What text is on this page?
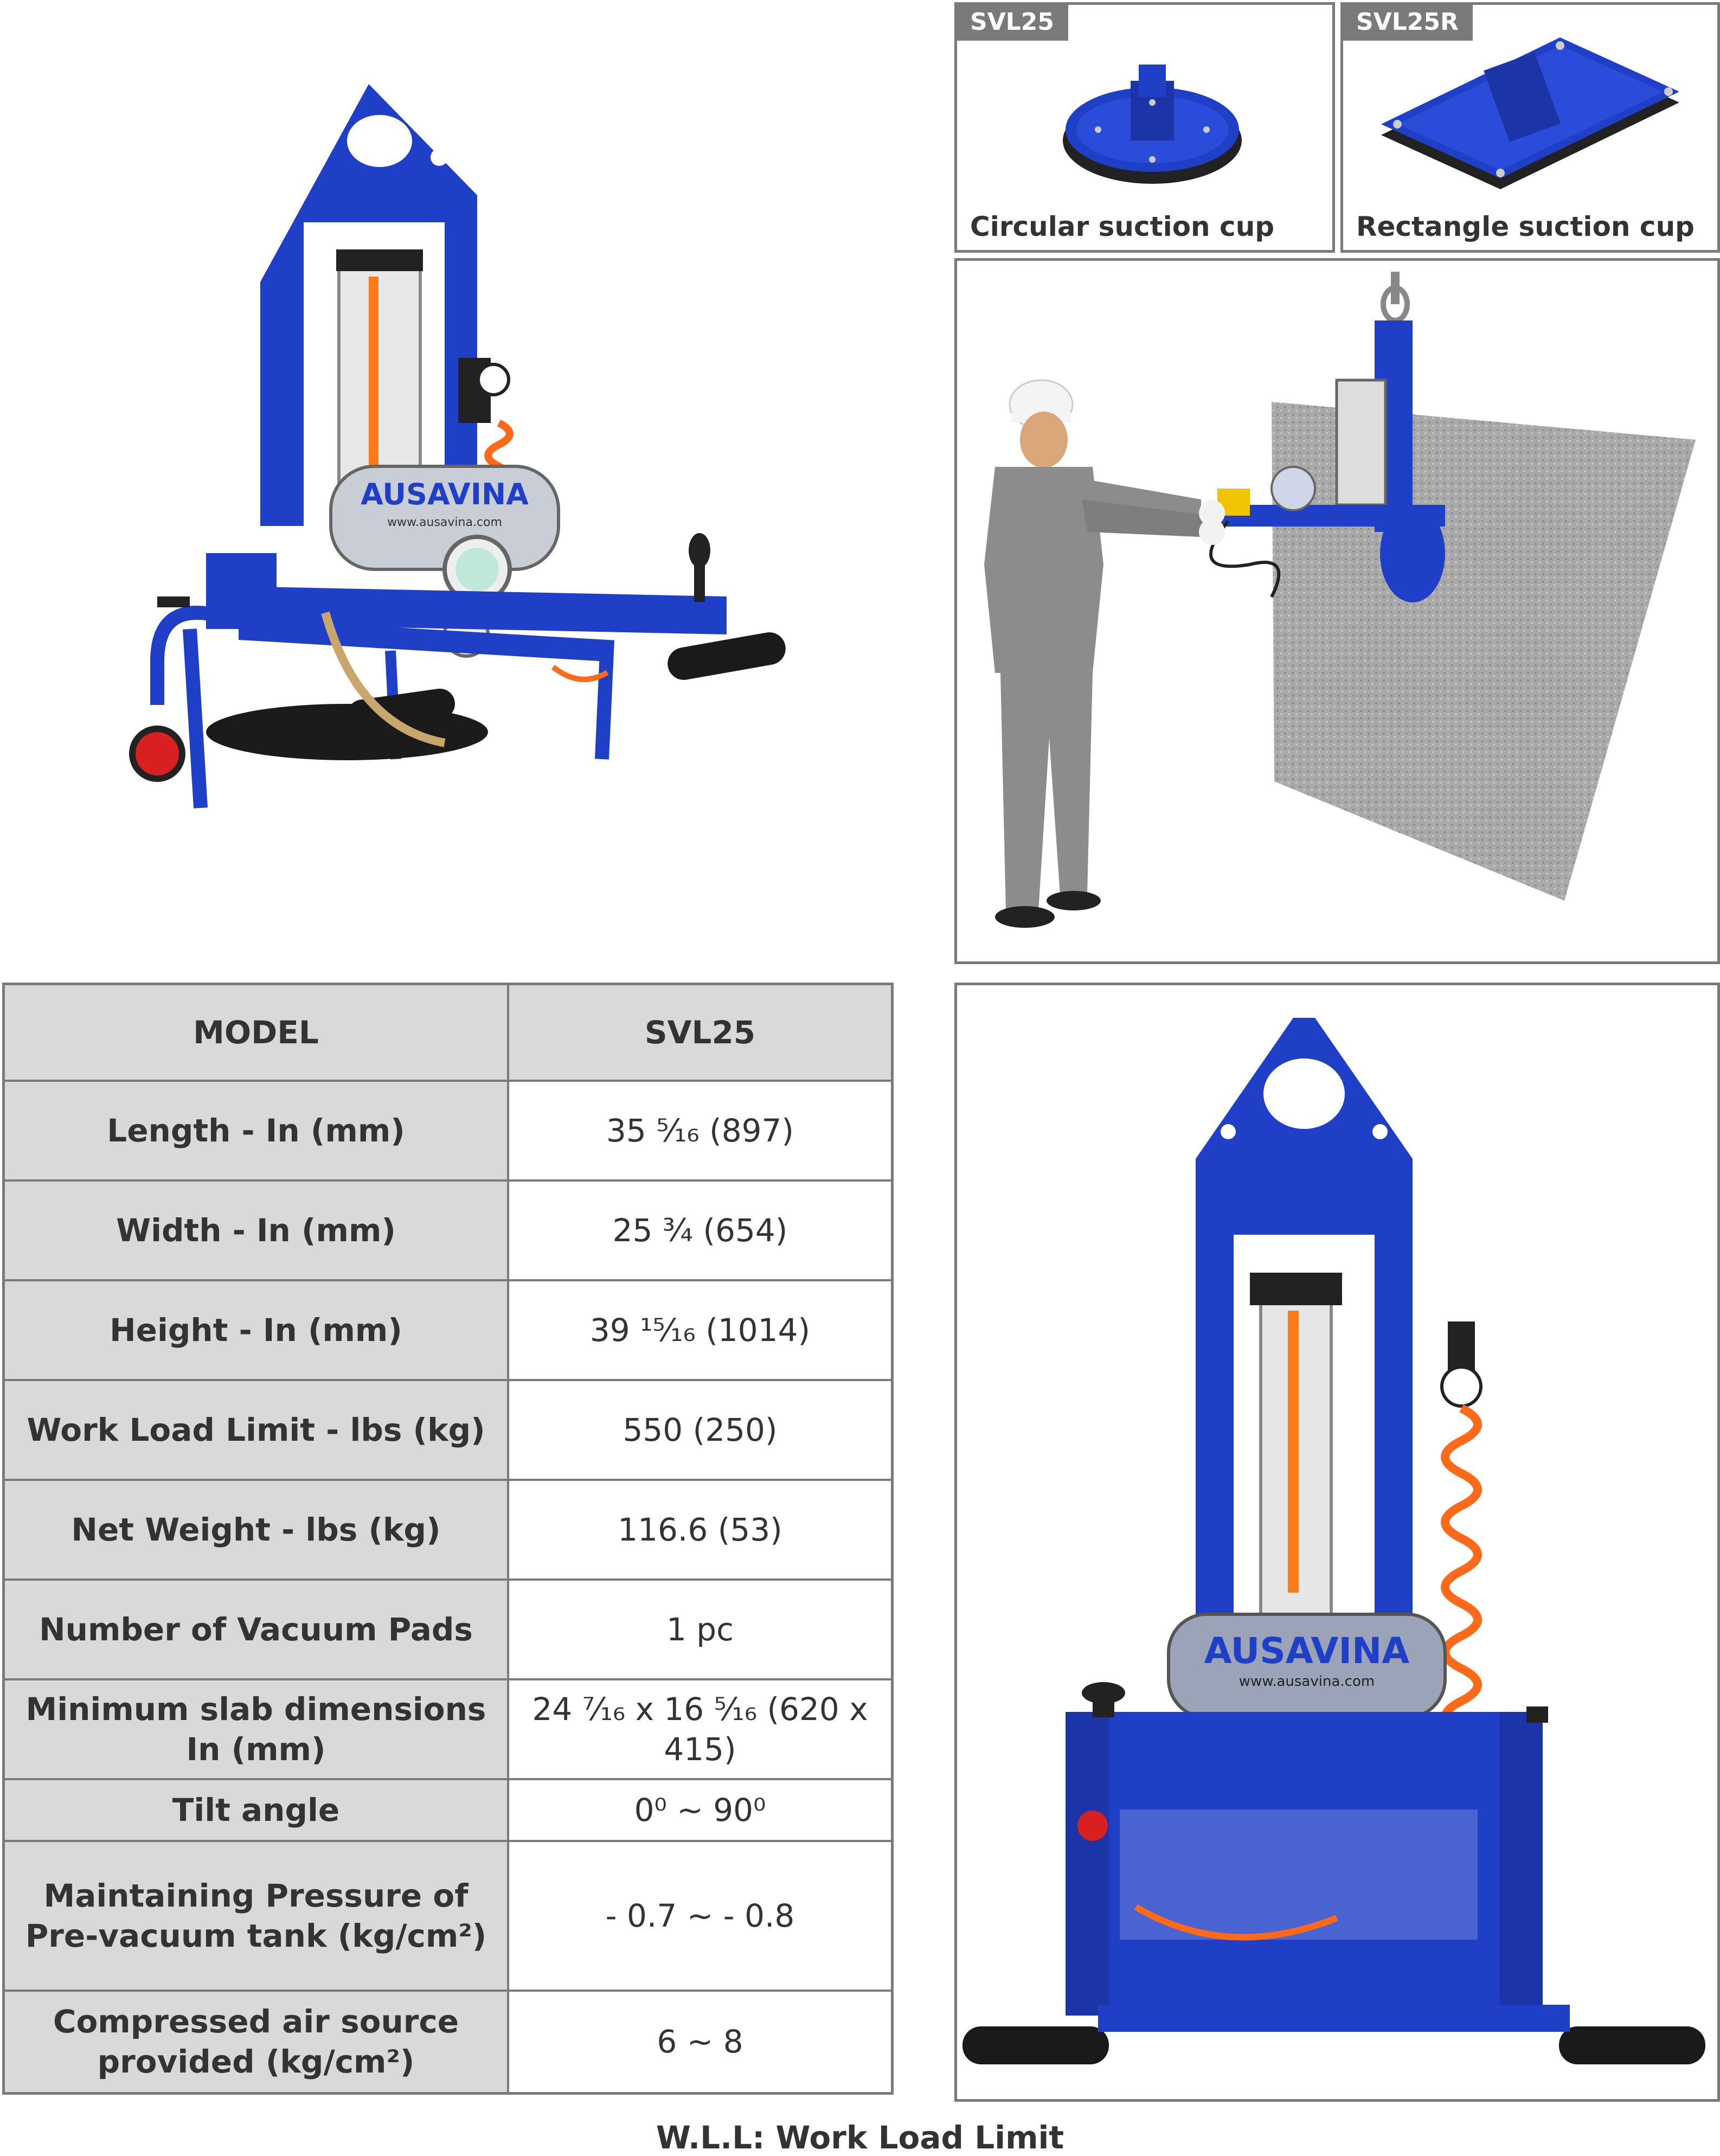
AUSAVINA
www.ausavina.com
SVL25
Circular suction cup
SVL25R
Rectangle suction cup
AUSAVINA
www.ausavina.com
MODEL	SVL25
Length - In (mm)	35 ⁵⁄₁₆ (897)
Width - In (mm)	25 ¾ (654)
Height - In (mm)	39 ¹⁵⁄₁₆ (1014)
Work Load Limit - lbs (kg)	550 (250)
Net Weight - lbs (kg)	116.6 (53)
Number of Vacuum Pads	1 pc
Minimum slab dimensions In (mm)	24 ⁷⁄₁₆ x 16 ⁵⁄₁₆ (620 x 415)
Tilt angle	0⁰ ~ 90⁰
Maintaining Pressure of Pre-vacuum tank (kg/cm²)	- 0.7 ~ - 0.8
Compressed air source provided (kg/cm²)	6 ~ 8
W.L.L: Work Load Limit
